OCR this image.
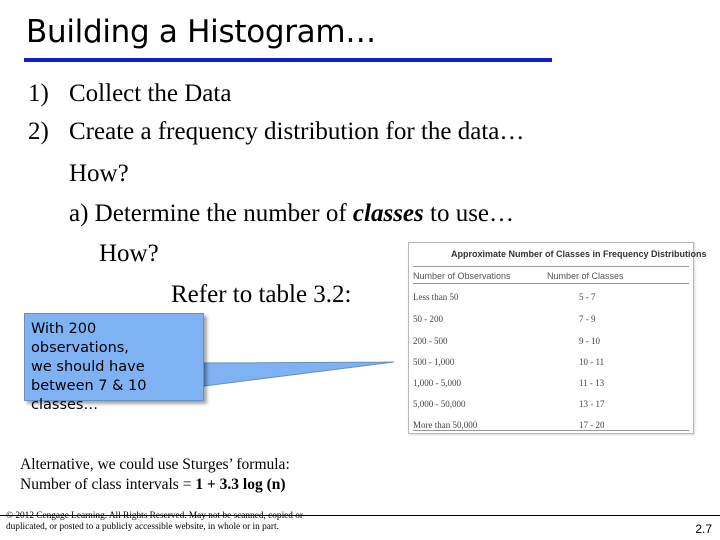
Building a Histogram…
1) Collect the Data
2) Create a frequency distribution for the data…
How?
a) Determine the number of classes to use…
How?
Refer to table 3.2:
With 200 observations,
we should have
between 7 & 10
classes…
Approximate Number of Classes in Frequency Distributions
Number of Observations	Number of Classes
Less than 50	5 - 7
50 - 200	7 - 9
200 - 500	9 - 10
500 - 1,000	10 - 11
1,000 - 5,000	11 - 13
5,000 - 50,000	13 - 17
More than 50,000	17 - 20
Alternative, we could use Sturges’ formula:
Number of class intervals = 1 + 3.3 log (n)
© 2012 Cengage Learning. All Rights Reserved. May not be scanned, copied or
duplicated, or posted to a publicly accessible website, in whole or in part.	2.7
